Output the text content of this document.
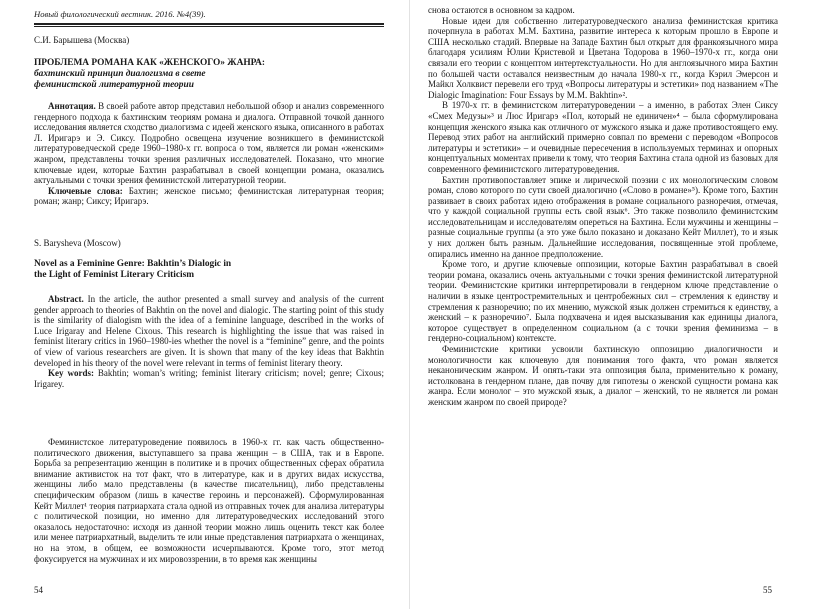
Новый филологический вестник. 2016. №4(39).
С.И. Барышева (Москва)
ПРОБЛЕМА РОМАНА КАК «ЖЕНСКОГО» ЖАНРА:
бахтинский принцип диалогизма в свете
феминистской литературной теории

Аннотация. В своей работе автор представил небольшой обзор и анализ современного гендерного подхода к бахтинским теориям романа и диалога. Отправной точкой данного исследования является сходство диалогизма с идеей женского языка, описанного в работах Л. Иригарэ и Э. Сиксу. Подробно освещена изучение возникшего в феминистской литературоведческой среде 1960–1980-х гг. вопроса о том, является ли роман «женским» жанром, представлены точки зрения различных исследователей. Показано, что многие ключевые идеи, которые Бахтин разрабатывал в своей концепции романа, оказались актуальными с точки зрения феминистской литературной теории.

Ключевые слова: Бахтин; женское письмо; феминистская литературная теория; роман; жанр; Сиксу; Иригарэ.

S. Barysheva (Moscow)
Novel as a Feminine Genre: Bakhtin’s Dialogic in
the Light of Feminist Literary Criticism

Abstract. In the article, the author presented a small survey and analysis of the current gender approach to theories of Bakhtin on the novel and dialogic. The starting point of this study is the similarity of dialogism with the idea of a feminine language, described in the works of Luce Irigaray and Helene Cixous. This research is highlighting the issue that was raised in feminist literary critics in 1960–1980-ies whether the novel is a “feminine” genre, and the points of view of various researchers are given. It is shown that many of the key ideas that Bakhtin developed in his theory of the novel were relevant in terms of feminist literary theory.

Key words: Bakhtin; woman’s writing; feminist literary criticism; novel; genre; Cixous; Irigarey.

Феминистское литературоведение появилось в 1960-х гг. как часть общественно-политического движения, выступавшего за права женщин – в США, так и в Европе. Борьба за репрезентацию женщин в политике и в прочих общественных сферах обратила внимание активисток на тот факт, что в литературе, как и в других видах искусства, женщины либо мало представлены (в качестве писательниц), либо представлены специфическим образом (лишь в качестве героинь и персонажей). Сформулированная Кейт Миллет¹ теория патриархата стала одной из отправных точек для анализа литературы с политической позиции, но именно для литературоведческих исследований этого оказалось недостаточно: исходя из данной теории можно лишь оценить текст как более или менее патриархатный, выделить те или иные представления патриархата о женщинах, но на этом, в общем, ее возможности исчерпываются. Кроме того, этот метод фокусируется на мужчинах и их мировоззрении, в то время как женщины

54

снова остаются в основном за кадром.

Новые идеи для собственно литературоведческого анализа феминистская критика почерпнула в работах М.М. Бахтина, развитие интереса к которым прошло в Европе и США несколько стадий. Впервые на Западе Бахтин был открыт для франкоязычного мира благодаря усилиям Юлии Кристевой и Цветана Тодорова в 1960–1970-х гг., когда они связали его теории с концептом интертекстуальности. Но для англоязычного мира Бахтин по большей части оставался неизвестным до начала 1980-х гг., когда Кэрил Эмерсон и Майкл Холквист перевели его труд «Вопросы литературы и эстетики» под названием «The Dialogic Imagination: Four Essays by M.M. Bakhtin»².

В 1970-х гг. в феминистском литературоведении – а именно, в работах Элен Сиксу «Смех Медузы»³ и Люс Иригарэ «Пол, который не единичен»⁴ – была сформулирована концепция женского языка как отличного от мужского языка и даже противостоящего ему. Перевод этих работ на английский примерно совпал по времени с переводом «Вопросов литературы и эстетики» – и очевидные пересечения в используемых терминах и опорных концептуальных моментах привели к тому, что теория Бахтина стала одной из базовых для современного феминистского литературоведения.

Бахтин противопоставляет эпике и лирической поэзии с их монологическим словом роман, слово которого по сути своей диалогично («Слово в романе»⁵). Кроме того, Бахтин развивает в своих работах идею отображения в романе социального разноречия, отмечая, что у каждой социальной группы есть свой язык⁶. Это также позволило феминистским исследовательницам и исследователям опереться на Бахтина. Если мужчины и женщины – разные социальные группы (а это уже было показано и доказано Кейт Миллет), то и язык у них должен быть разным. Дальнейшие исследования, посвященные этой проблеме, опирались именно на данное предположение.

Кроме того, и другие ключевые оппозиции, которые Бахтин разрабатывал в своей теории романа, оказались очень актуальными с точки зрения феминистской литературной теории. Феминистские критики интерпретировали в гендерном ключе представление о наличии в языке центростремительных и центробежных сил – стремления к единству и стремления к разноречию; по их мнению, мужской язык должен стремиться к единству, а женский – к разноречию⁷. Была подхвачена и идея высказывания как единицы диалога, которое существует в определенном социальном (а с точки зрения феминизма – в гендерно-социальном) контексте.

Феминистские критики усвоили бахтинскую оппозицию диалогичности и монологичности как ключевую для понимания того факта, что роман является неканоническим жанром. И опять-таки эта оппозиция была, применительно к роману, истолкована в гендерном плане, дав почву для гипотезы о женской сущности романа как жанра. Если монолог – это мужской язык, а диалог – женский, то не является ли роман женским жанром по своей природе?

55
